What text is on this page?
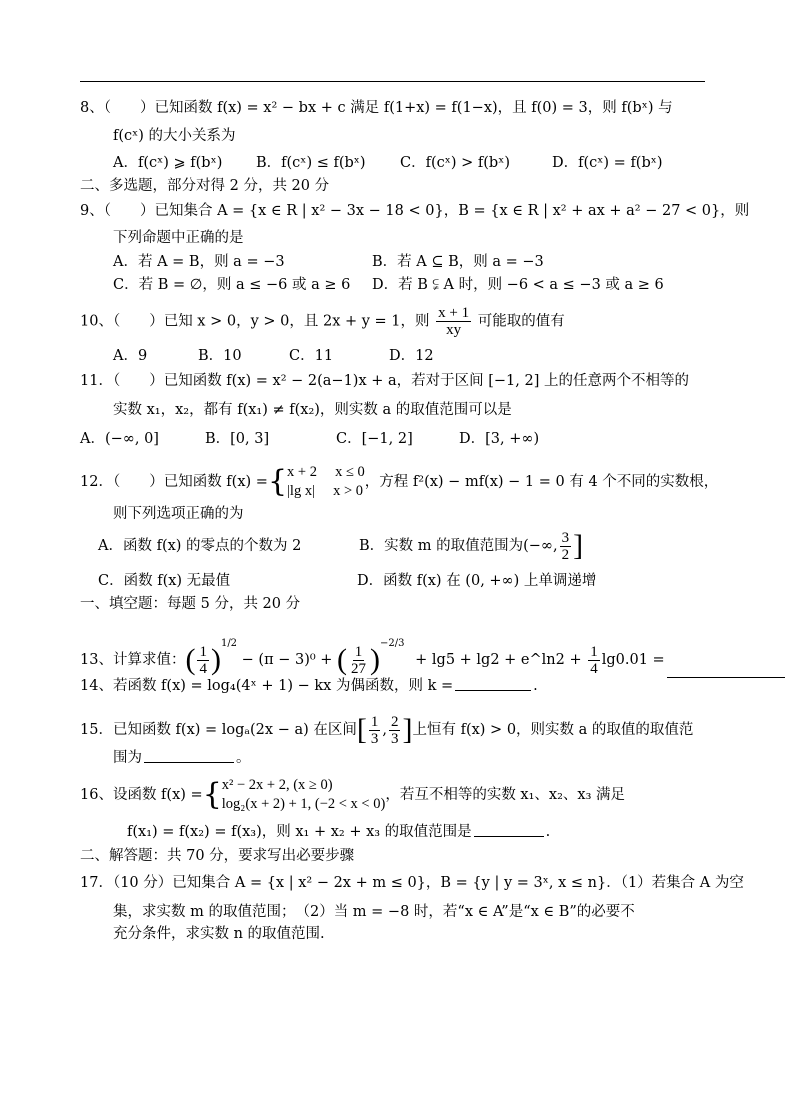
8、（　　）已知函数 f(x) = x² − bx + c 满足 f(1+x) = f(1−x)，且 f(0) = 3，则 f(bˣ) 与
f(cˣ) 的大小关系为
A．f(cˣ) ⩾ f(bˣ) B．f(cˣ) ≤ f(bˣ) C．f(cˣ) > f(bˣ)	D．f(cˣ) = f(bˣ)
二、多选题，部分对得 2 分，共 20 分
9、（　　）已知集合 A = {x ∈ R | x² − 3x − 18 < 0}，B = {x ∈ R | x² + ax + a² − 27 < 0}，则
下列命题中正确的是
A．若 A = B，则 a = −3	B．若 A ⊆ B，则 a = −3
C．若 B = ∅，则 a ≤ −6 或 a ≥ 6 D．若 B ⫋ A 时，则 −6 < a ≤ −3 或 a ≥ 6
10、（　　）已知 x > 0，y > 0，且 2x + y = 1，则 $\frac{x + 1}{xy}$ 可能取的值有
A．9	B．10	C．11	D．12
11．（　　）已知函数 f(x) = x² − 2(a−1)x + a，若对于区间 [−1, 2] 上的任意两个不相等的
实数 x₁，x₂，都有 f(x₁) ≠ f(x₂)，则实数 a 的取值范围可以是
A．(−∞, 0]	B．[0, 3]	C．[−1, 2]	D．[3, +∞)
12．（　　）已知函数 f(x) ={ x + 2　 x ≤ 0
|lg x|　 x > 0
，方程 f²(x) − mf(x) − 1 = 0 有 4 个不同的实数根，
则下列选项正确的为
A．函数 f(x) 的零点的个数为 2	B．实数 m 的取值范围为(−∞, $\frac{3}{2}$ ]
C．函数 f(x) 无最值	D．函数 f(x) 在 (0, +∞) 上单调递增
一、填空题：每题 5 分，共 20 分
13、计算求值：( $\frac{1}{4} )^{1/2} - (\pi - 3)^0$ + ( $\frac{1}{27} )^{-2/3} + \lg 5 + \lg 2$ + e^ln2 + $\frac{1}{4} \lg 0.01$ =
14、若函数 f(x) = log₄(4ˣ + 1) − kx 为偶函数，则 k =	.
15．已知函数 f(x) = logₐ(2x − a) 在区间[ $\frac{1}{3}$ , $\frac{2}{3}$ ]上恒有 f(x) > 0，则实数 a 的取值的取值范
围为	。
16、设函数 f(x) ={ x² − 2x + 2, (x ≥ 0)
log₂(x + 2) + 1, (−2 < x < 0)
，若互不相等的实数 x₁、x₂、x₃ 满足
f(x₁) = f(x₂) = f(x₃)，则 x₁ + x₂ + x₃ 的取值范围是	.
二、解答题：共 70 分，要求写出必要步骤
17．（10 分）已知集合 A = {x | x² − 2x + m ≤ 0}，B = {y | y = 3ˣ, x ≤ n}．（1）若集合 A 为空
集，求实数 m 的取值范围；　（2）当 m = −8 时，若“x ∈ A”是“x ∈ B”的必要不
充分条件，求实数 n 的取值范围.
